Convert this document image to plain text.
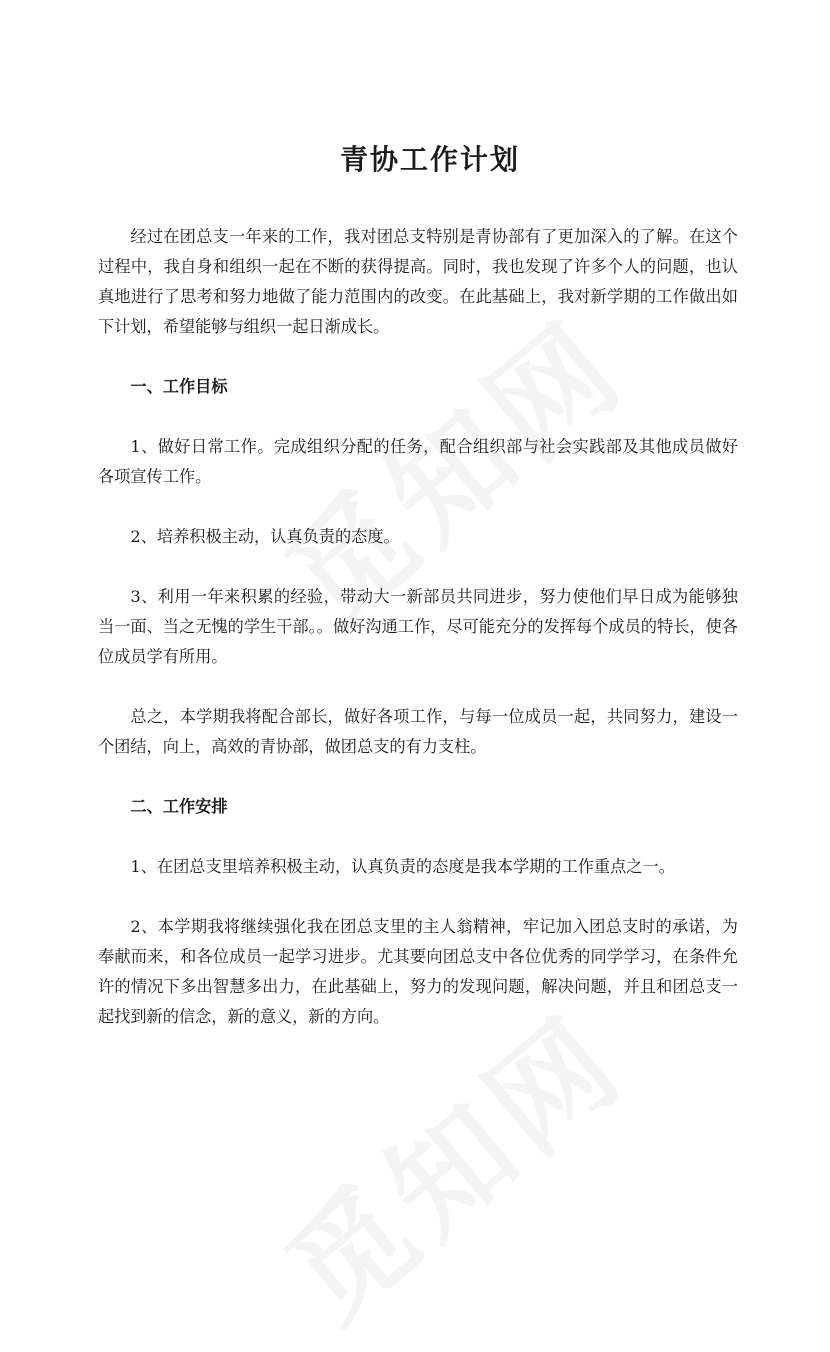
青协工作计划

经过在团总支一年来的工作，我对团总支特别是青协部有了更加深入的了解。在这个过程中，我自身和组织一起在不断的获得提高。同时，我也发现了许多个人的问题，也认真地进行了思考和努力地做了能力范围内的改变。在此基础上，我对新学期的工作做出如下计划，希望能够与组织一起日渐成长。

一、工作目标

1、做好日常工作。完成组织分配的任务，配合组织部与社会实践部及其他成员做好各项宣传工作。

2、培养积极主动，认真负责的态度。

3、利用一年来积累的经验，带动大一新部员共同进步，努力使他们早日成为能够独当一面、当之无愧的学生干部。。做好沟通工作，尽可能充分的发挥每个成员的特长，使各位成员学有所用。

总之，本学期我将配合部长，做好各项工作，与每一位成员一起，共同努力，建设一个团结，向上，高效的青协部，做团总支的有力支柱。

二、工作安排

1、在团总支里培养积极主动，认真负责的态度是我本学期的工作重点之一。

2、本学期我将继续强化我在团总支里的主人翁精神，牢记加入团总支时的承诺，为奉献而来，和各位成员一起学习进步。尤其要向团总支中各位优秀的同学学习，在条件允许的情况下多出智慧多出力，在此基础上，努力的发现问题，解决问题，并且和团总支一起找到新的信念，新的意义，新的方向。
